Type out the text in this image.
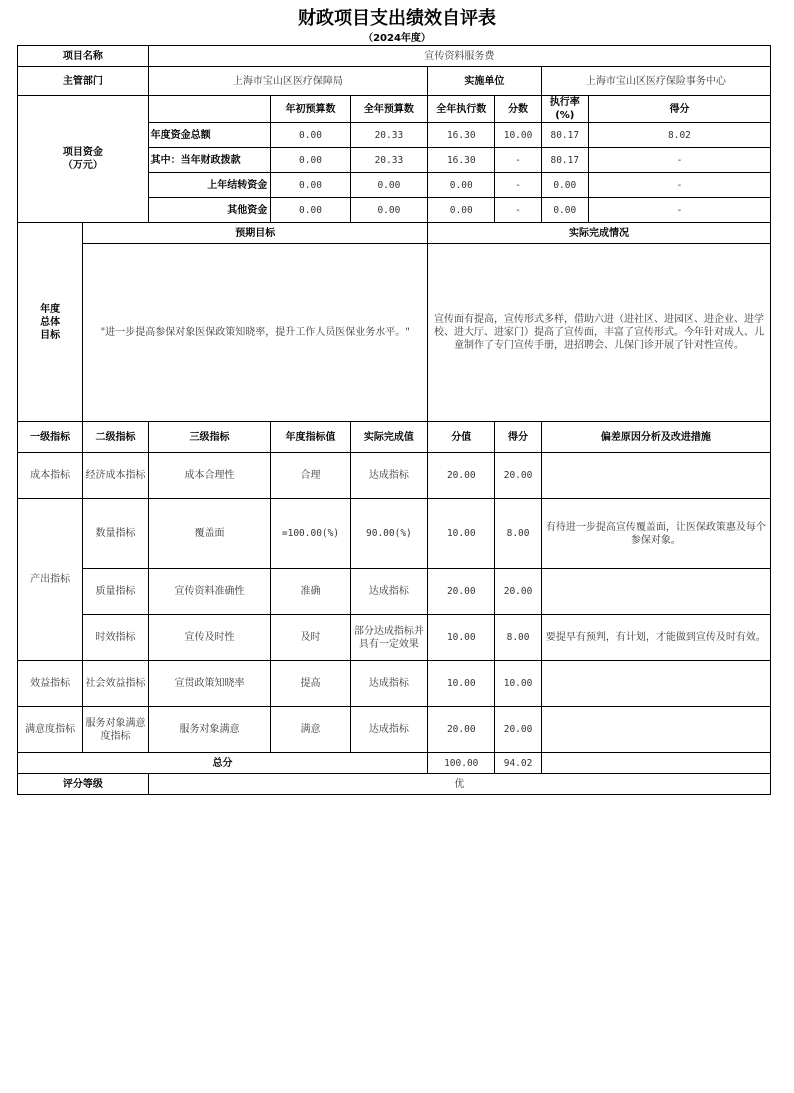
财政项目支出绩效自评表
（2024年度）
项目名称		宣传资料服务费						
主管部门		上海市宝山区医疗保障局			实施单位		上海市宝山区医疗保险事务中心	
项目资金
（万元）			年初预算数	全年预算数	全年执行数	分数	执行率(%)	得分
		年度资金总额	0.00	20.33	16.30	10.00	80.17	8.02
		其中：当年财政拨款	0.00	20.33	16.30	-	80.17	-
		上年结转资金	0.00	0.00	0.00	-	0.00	-
		其他资金	0.00	0.00	0.00	-	0.00	-
年度
总体
目标	预期目标				实际完成情况			
	"进一步提高参保对象医保政策知晓率，提升工作人员医保业务水平。"				宣传面有提高，宣传形式多样，借助六进（进社区、进园区、进企业、进学校、进大厅、进家门）提高了宣传面，丰富了宣传形式。今年针对成人、儿童制作了专门宣传手册，进招聘会、儿保门诊开展了针对性宣传。			
一级指标	二级指标	三级指标	年度指标值	实际完成值	分值	得分	偏差原因分析及改进措施	
成本指标	经济成本指标	成本合理性	合理	达成指标	20.00	20.00		
产出指标	数量指标	覆盖面	=100.00(%)	90.00(%)	10.00	8.00	有待进一步提高宣传覆盖面，让医保政策惠及每个参保对象。	
	质量指标	宣传资料准确性	准确	达成指标	20.00	20.00		
	时效指标	宣传及时性	及时	部分达成指标并具有一定效果	10.00	8.00	要提早有预判，有计划，才能做到宣传及时有效。	
效益指标	社会效益指标	宣贯政策知晓率	提高	达成指标	10.00	10.00		
满意度指标	服务对象满意度指标	服务对象满意	满意	达成指标	20.00	20.00		
总分					100.00	94.02		
评分等级		优						
